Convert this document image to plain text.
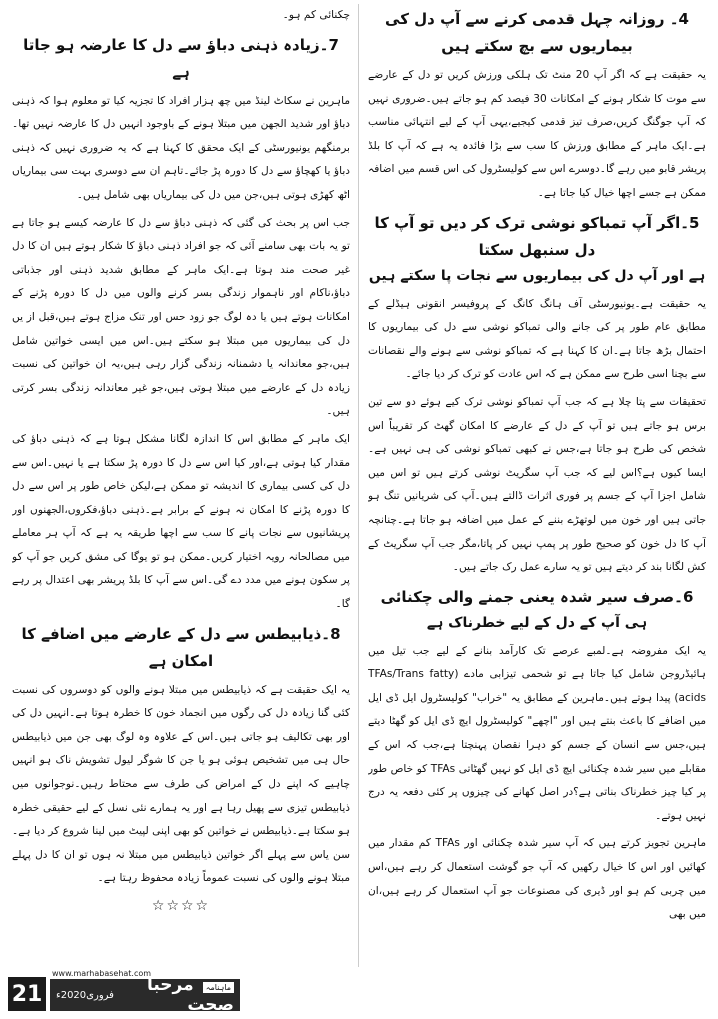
4۔ روزانہ چہل قدمی کرنے سے آپ دل کی بیماریوں سے بچ سکتے ہیں

یہ حقیقت ہے کہ اگر آپ 20 منٹ تک ہلکی ورزش کریں تو دل کے عارضے سے موت کا شکار ہونے کے امکانات 30 فیصد کم ہو جاتے ہیں۔ضروری نہیں کہ آپ جوگنگ کریں،صرف تیز قدمی کیجیے،یہی آپ کے لیے انتہائی مناسب ہے۔ایک ماہر کے مطابق ورزش کا سب سے بڑا فائدہ یہ ہے کہ آپ کا بلڈ پریشر قابو میں رہے گا۔دوسرے اس سے کولیسٹرول کی اس قسم میں اضافہ ممکن ہے جسے اچھا خیال کیا جاتا ہے۔

5۔اگر آپ تمباکو نوشی ترک کر دیں تو آپ کا دل سنبھل سکتا
ہے اور آپ دل کی بیماریوں سے نجات پا سکتے ہیں

یہ حقیقت ہے۔یونیورسٹی آف ہانگ کانگ کے پروفیسر انقونی ہیڈلے کے مطابق عام طور پر کی جانے والی تمباکو نوشی سے دل کی بیماریوں کا احتمال بڑھ جاتا ہے۔ان کا کہنا ہے کہ تمباکو نوشی سے ہونے والے نقصانات سے بچنا اسی طرح سے ممکن ہے کہ اس عادت کو ترک کر دیا جائے۔

تحقیقات سے پتا چلا ہے کہ جب آپ تمباکو نوشی ترک کیے ہوئے دو سے تین برس ہو جاتے ہیں تو آپ کے دل کے عارضے کا امکان گھٹ کر تقریباً اس شخص کی طرح ہو جاتا ہے،جس نے کبھی تمباکو نوشی کی ہی نہیں ہے۔ایسا کیوں ہے؟اس لیے کہ جب آپ سگریٹ نوشی کرتے ہیں تو اس میں شامل اجزا آپ کے جسم پر فوری اثرات ڈالتے ہیں۔آپ کی شریانیں تنگ ہو جاتی ہیں اور خون میں لوتھڑے بننے کے عمل میں اضافہ ہو جاتا ہے۔چنانچہ آپ کا دل خون کو صحیح طور پر پمپ نہیں کر پاتا،مگر جب آپ سگریٹ کے کش لگانا بند کر دیتے ہیں تو یہ سارے عمل رک جاتے ہیں۔

6۔صرف سیر شدہ یعنی جمنے والی چکنائی
ہی آپ کے دل کے لیے خطرناک ہے

یہ ایک مفروضہ ہے۔لمبے عرصے تک کارآمد بنانے کے لیے جب تیل میں ہائیڈروجن شامل کیا جاتا ہے تو شحمی تیزابی مادے (TFAs/Trans fatty acids) پیدا ہوتے ہیں۔ماہرین کے مطابق یہ "خراب" کولیسٹرول ایل ڈی ایل میں اضافے کا باعث بنتے ہیں اور "اچھے" کولیسٹرول ایچ ڈی ایل کو گھٹا دیتے ہیں،جس سے انسان کے جسم کو دہرا نقصان پہنچتا ہے،جب کہ اس کے مقابلے میں سیر شدہ چکنائی ایچ ڈی ایل کو نہیں گھٹاتی TFAs کو خاص طور پر کیا چیز خطرناک بناتی ہے؟در اصل کھانے کی چیزوں پر کئی دفعہ یہ درج نہیں ہوتے۔

ماہرین تجویز کرتے ہیں کہ آپ سیر شدہ چکنائی اور TFAs کم مقدار میں کھائیں اور اس کا خیال رکھیں کہ آپ جو گوشت استعمال کر رہے ہیں،اس میں چربی کم ہو اور ڈیری کی مصنوعات جو آپ استعمال کر رہے ہیں،ان میں بھی

چکنائی کم ہو۔

7۔زیادہ ذہنی دباؤ سے دل کا عارضہ ہو جاتا ہے

ماہرین نے سکاٹ لینڈ میں چھ ہزار افراد کا تجزیہ کیا تو معلوم ہوا کہ ذہنی دباؤ اور شدید الجھن میں مبتلا ہونے کے باوجود انہیں دل کا عارضہ نہیں تھا۔برمنگھم یونیورسٹی کے ایک محقق کا کہنا ہے کہ یہ ضروری نہیں کہ ذہنی دباؤ یا کھچاؤ سے دل کا دورہ پڑ جائے۔تاہم ان سے دوسری بہت سی بیماریاں اٹھ کھڑی ہوتی ہیں،جن میں دل کی بیماریاں بھی شامل ہیں۔

جب اس پر بحث کی گئی کہ ذہنی دباؤ سے دل کا عارضہ کیسے ہو جاتا ہے تو یہ بات بھی سامنے آئی کہ جو افراد ذہنی دباؤ کا شکار ہوتے ہیں ان کا دل غیر صحت مند ہوتا ہے۔ایک ماہر کے مطابق شدید ذہنی اور جذباتی دباؤ،ناکام اور ناہموار زندگی بسر کرنے والوں میں دل کا دورہ پڑنے کے امکانات ہوتے ہیں یا دہ لوگ جو زود حس اور تنک مزاج ہوتے ہیں،قبل از یں دل کی بیماریوں میں مبتلا ہو سکتے ہیں۔اس میں ایسی خواتین شامل ہیں،جو معاندانہ یا دشمنانہ زندگی گزار رہی ہیں،یہ ان خواتین کی نسبت زیادہ دل کے عارضے میں مبتلا ہوتی ہیں،جو غیر معاندانہ زندگی بسر کرتی ہیں۔

ایک ماہر کے مطابق اس کا اندازہ لگانا مشکل ہوتا ہے کہ ذہنی دباؤ کی مقدار کیا ہوتی ہے،اور کیا اس سے دل کا دورہ پڑ سکتا ہے یا نہیں۔اس سے دل کی کسی بیماری کا اندیشہ تو ممکن ہے،لیکن خاص طور پر اس سے دل کا دورہ پڑنے کا امکان نہ ہونے کے برابر ہے۔ذہنی دباؤ،فکروں،الجھنوں اور پریشانیوں سے نجات پانے کا سب سے اچھا طریقہ یہ ہے کہ آپ ہر معاملے میں مصالحانہ رویہ اختیار کریں۔ممکن ہو تو یوگا کی مشق کریں جو آپ کو پر سکون ہونے میں مدد دے گی۔اس سے آپ کا بلڈ پریشر بھی اعتدال پر رہے گا۔

8۔ذیابیطس سے دل کے عارضے میں اضافے کا امکان ہے

یہ ایک حقیقت ہے کہ ذیابیطس میں مبتلا ہونے والوں کو دوسروں کی نسبت کئی گنا زیادہ دل کی رگوں میں انجماد خون کا خطرہ ہوتا ہے۔انہیں دل کی اور بھی تکالیف ہو جاتی ہیں۔اس کے علاوہ وہ لوگ بھی جن میں ذیابیطس حال ہی میں تشخیص ہوئی ہو یا جن کا شوگر لیول تشویش ناک ہو انہیں چاہیے کہ اپنے دل کے امراض کی طرف سے محتاط رہیں۔نوجوانوں میں ذیابیطس تیزی سے پھیل رہا ہے اور یہ ہمارے نئی نسل کے لیے حقیقی خطرہ ہو سکتا ہے۔ذیابیطس نے خواتین کو بھی اپنی لپیٹ میں لینا شروع کر دیا ہے۔سن یاس سے پہلے اگر خواتین ذیابیطس میں مبتلا نہ ہوں تو ان کا دل پہلے مبتلا ہونے والوں کی نسبت عموماً زیادہ محفوظ رہتا ہے۔

☆☆☆☆
www.marhabasehat.com
21	ماہنامہ مرحبا صحت
فروری2020ء
